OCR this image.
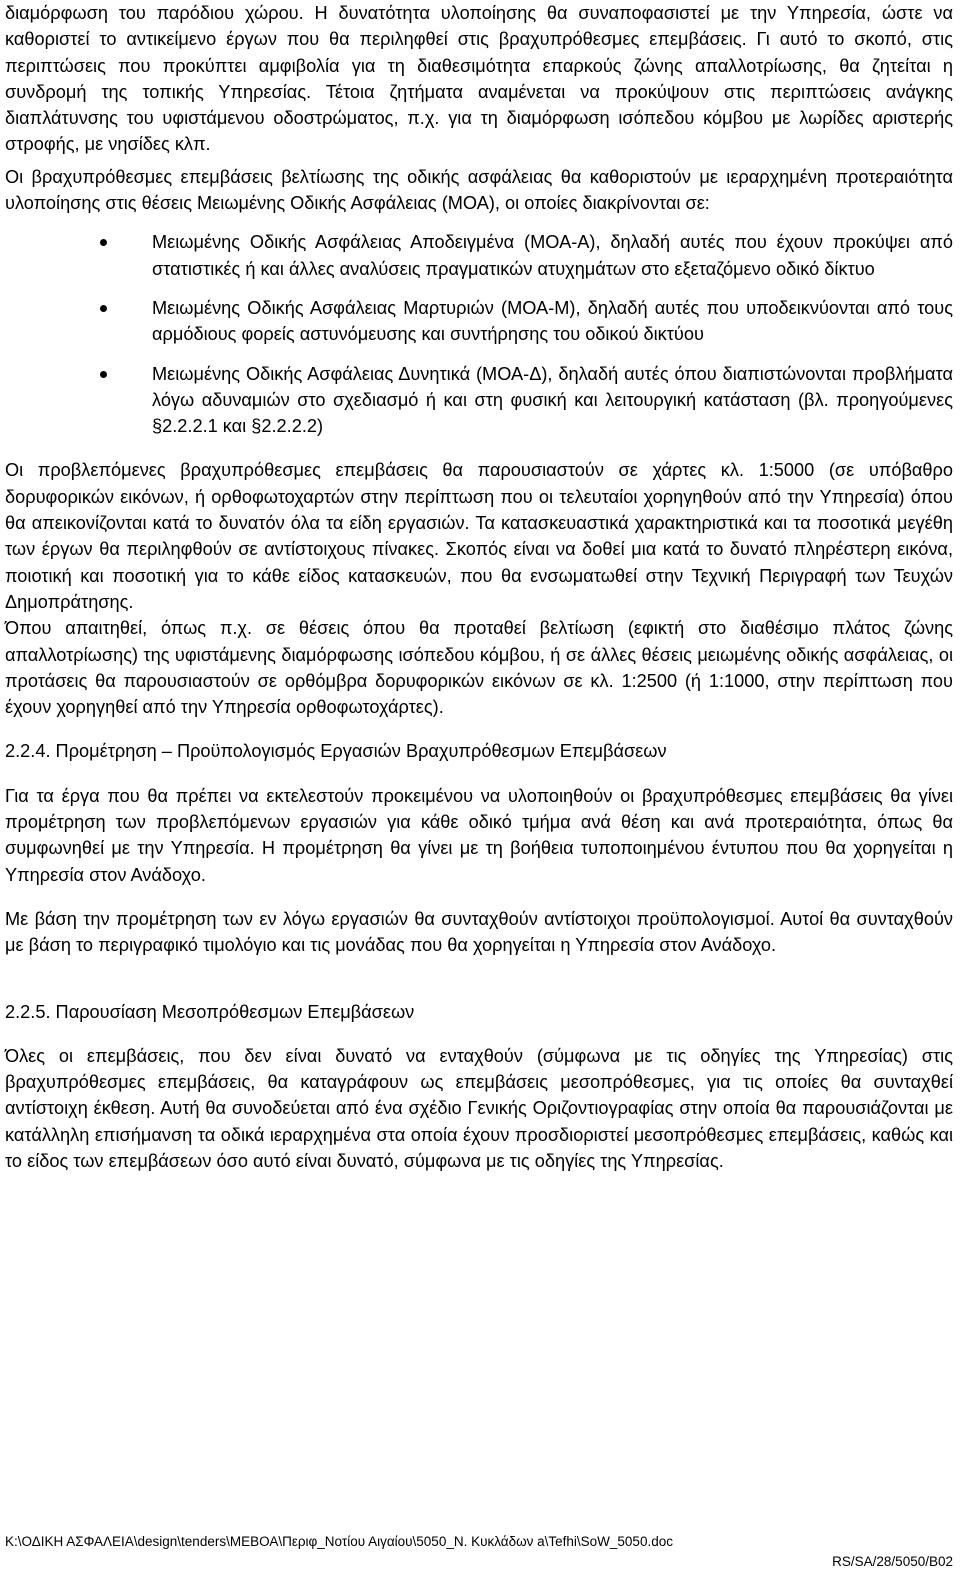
διαμόρφωση του παρόδιου χώρου. Η δυνατότητα υλοποίησης θα συναποφασιστεί με την Υπηρεσία, ώστε να καθοριστεί το αντικείμενο έργων που θα περιληφθεί στις βραχυπρόθεσμες επεμβάσεις. Γι αυτό το σκοπό, στις περιπτώσεις που προκύπτει αμφιβολία για τη διαθεσιμότητα επαρκούς ζώνης απαλλοτρίωσης, θα ζητείται η συνδρομή της τοπικής Υπηρεσίας. Τέτοια ζητήματα αναμένεται να προκύψουν στις περιπτώσεις ανάγκης διαπλάτυνσης του υφιστάμενου οδοστρώματος, π.χ. για τη διαμόρφωση ισόπεδου κόμβου με λωρίδες αριστερής στροφής, με νησίδες κλπ.

Οι βραχυπρόθεσμες επεμβάσεις βελτίωσης της οδικής ασφάλειας θα καθοριστούν με ιεραρχημένη προτεραιότητα υλοποίησης στις θέσεις Μειωμένης Οδικής Ασφάλειας (ΜΟΑ), οι οποίες διακρίνονται σε:

Μειωμένης Οδικής Ασφάλειας Αποδειγμένα (ΜΟΑ-Α), δηλαδή αυτές που έχουν προκύψει από στατιστικές ή και άλλες αναλύσεις πραγματικών ατυχημάτων στο εξεταζόμενο οδικό δίκτυο
Μειωμένης Οδικής Ασφάλειας Μαρτυριών (ΜΟΑ-Μ), δηλαδή αυτές που υποδεικνύονται από τους αρμόδιους φορείς αστυνόμευσης και συντήρησης του οδικού δικτύου
Μειωμένης Οδικής Ασφάλειας Δυνητικά (ΜΟΑ-Δ), δηλαδή αυτές όπου διαπιστώνονται προβλήματα λόγω αδυναμιών στο σχεδιασμό ή και στη φυσική και λειτουργική κατάσταση (βλ. προηγούμενες §2.2.2.1 και §2.2.2.2)

Οι προβλεπόμενες βραχυπρόθεσμες επεμβάσεις θα παρουσιαστούν σε χάρτες κλ. 1:5000 (σε υπόβαθρο δορυφορικών εικόνων, ή ορθοφωτοχαρτών στην περίπτωση που οι τελευταίοι χορηγηθούν από την Υπηρεσία) όπου θα απεικονίζονται κατά το δυνατόν όλα τα είδη εργασιών. Τα κατασκευαστικά χαρακτηριστικά και τα ποσοτικά μεγέθη των έργων θα περιληφθούν σε αντίστοιχους πίνακες. Σκοπός είναι να δοθεί μια κατά το δυνατό πληρέστερη εικόνα, ποιοτική και ποσοτική για το κάθε είδος κατασκευών, που θα ενσωματωθεί στην Τεχνική Περιγραφή των Τευχών Δημοπράτησης.

Όπου απαιτηθεί, όπως π.χ. σε θέσεις όπου θα προταθεί βελτίωση (εφικτή στο διαθέσιμο πλάτος ζώνης απαλλοτρίωσης) της υφιστάμενης διαμόρφωσης ισόπεδου κόμβου, ή σε άλλες θέσεις μειωμένης οδικής ασφάλειας, οι προτάσεις θα παρουσιαστούν σε ορθόμβρα δορυφορικών εικόνων σε κλ. 1:2500 (ή 1:1000, στην περίπτωση που έχουν χορηγηθεί από την Υπηρεσία ορθοφωτοχάρτες).

2.2.4. Προμέτρηση – Προϋπολογισμός Εργασιών Βραχυπρόθεσμων Επεμβάσεων

Για τα έργα που θα πρέπει να εκτελεστούν προκειμένου να υλοποιηθούν οι βραχυπρόθεσμες επεμβάσεις θα γίνει προμέτρηση των προβλεπόμενων εργασιών για κάθε οδικό τμήμα ανά θέση και ανά προτεραιότητα, όπως θα συμφωνηθεί με την Υπηρεσία. Η προμέτρηση θα γίνει με τη βοήθεια τυποποιημένου έντυπου που θα χορηγείται η Υπηρεσία στον Ανάδοχο.

Με βάση την προμέτρηση των εν λόγω εργασιών θα συνταχθούν αντίστοιχοι προϋπολογισμοί. Αυτοί θα συνταχθούν με βάση το περιγραφικό τιμολόγιο και τις μονάδας που θα χορηγείται η Υπηρεσία στον Ανάδοχο.

2.2.5. Παρουσίαση Μεσοπρόθεσμων Επεμβάσεων

Όλες οι επεμβάσεις, που δεν είναι δυνατό να ενταχθούν (σύμφωνα με τις οδηγίες της Υπηρεσίας) στις βραχυπρόθεσμες επεμβάσεις, θα καταγράφουν ως επεμβάσεις μεσοπρόθεσμες, για τις οποίες θα συνταχθεί αντίστοιχη έκθεση. Αυτή θα συνοδεύεται από ένα σχέδιο Γενικής Οριζοντιογραφίας στην οποία θα παρουσιάζονται με κατάλληλη επισήμανση τα οδικά ιεραρχημένα στα οποία έχουν προσδιοριστεί μεσοπρόθεσμες επεμβάσεις, καθώς και το είδος των επεμβάσεων όσο αυτό είναι δυνατό, σύμφωνα με τις οδηγίες της Υπηρεσίας.

K:\ΟΔΙΚΗ ΑΣΦΑΛΕΙΑ\design\tenders\ΜΕΒΟΑ\Περιφ_Νοτίου Αιγαίου\5050_Ν. Κυκλάδων a\Tefhi\SoW_5050.doc
RS/SA/28/5050/B02
